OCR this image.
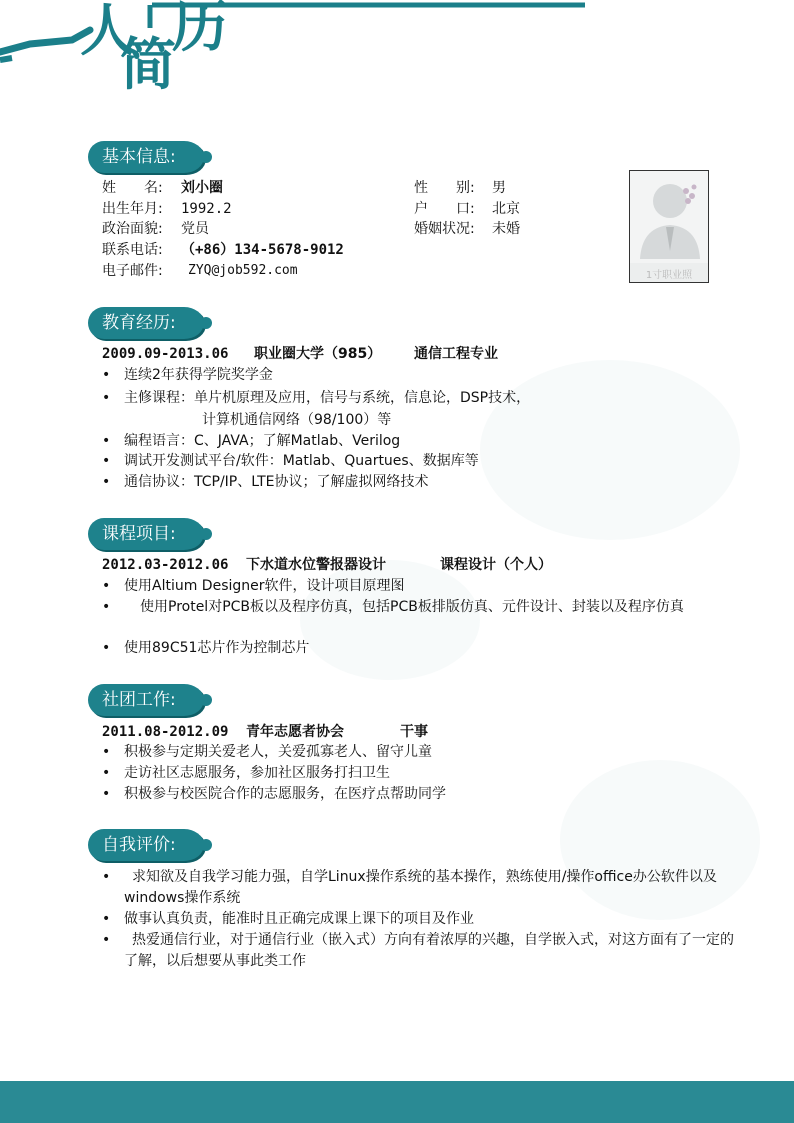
人
简
历
基本信息:
姓　　名: 刘小圈	性　　别: 男
出生年月: 1992.2	户　　口: 北京
政治面貌: 党员	婚姻状况: 未婚
联系电话: （+86）134-5678-9012
电子邮件: ZYQ@job592.com	1寸职业照
教育经历:
2009.09-2013.06 职业圈大学（985） 通信工程专业
• 连续2年获得学院奖学金
• 主修课程：单片机原理及应用，信号与系统，信息论，DSP技术，
计算机通信网络（98/100）等
• 编程语言：C、JAVA；了解Matlab、Verilog
• 调试开发测试平台/软件：Matlab、Quartues、数据库等
• 通信协议：TCP/IP、LTE协议；了解虚拟网络技术
课程项目:
2012.03-2012.06 下水道水位警报器设计	课程设计（个人）
• 使用Altium Designer软件，设计项目原理图
•	使用Protel对PCB板以及程序仿真，包括PCB板排版仿真、元件设计、封装以及程序仿真
• 使用89C51芯片作为控制芯片
社团工作:
2011.08-2012.09 青年志愿者协会	干事
• 积极参与定期关爱老人，关爱孤寡老人、留守儿童
• 走访社区志愿服务，参加社区服务打扫卫生
• 积极参与校医院合作的志愿服务，在医疗点帮助同学
自我评价:
•	求知欲及自我学习能力强，自学Linux操作系统的基本操作，熟练使用/操作office办公软件以及windows操作系统
• 做事认真负责，能准时且正确完成课上课下的项目及作业
•	热爱通信行业，对于通信行业（嵌入式）方向有着浓厚的兴趣，自学嵌入式，对这方面有了一定的了解，以后想要从事此类工作
